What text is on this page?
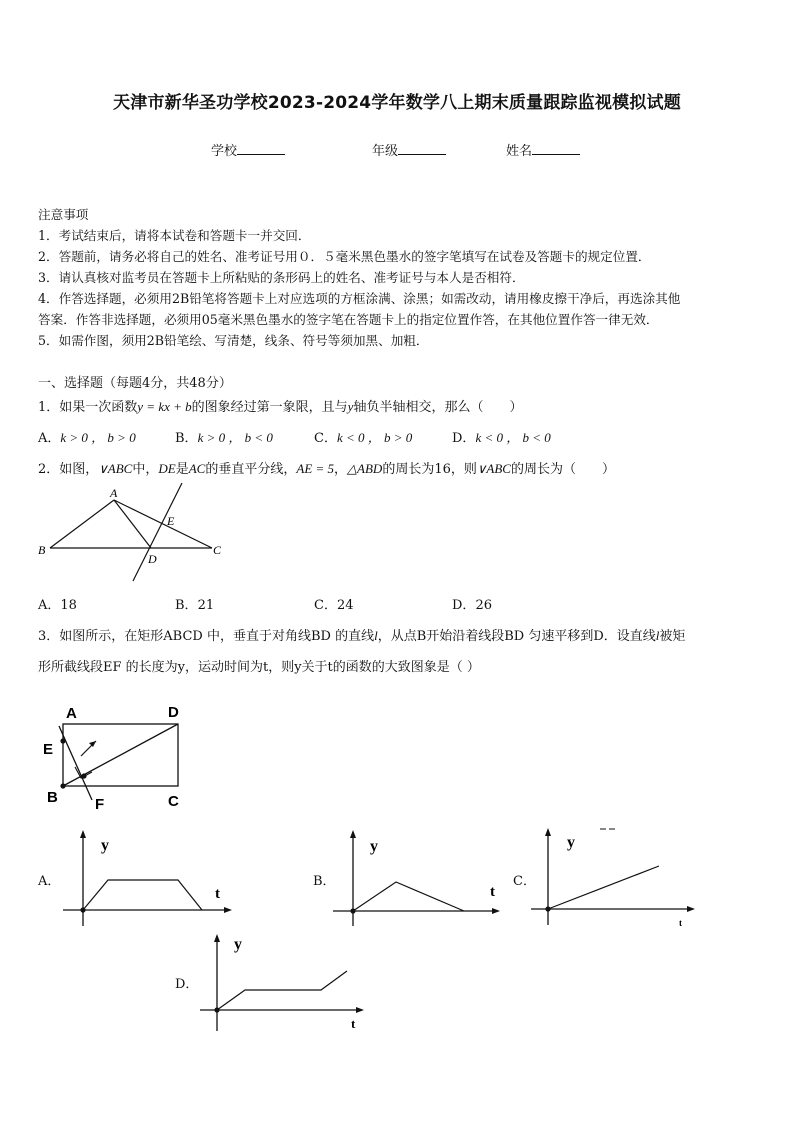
天津市新华圣功学校2023-2024学年数学八上期末质量跟踪监视模拟试题
学校	年级	姓名
注意事项
1．考试结束后，请将本试卷和答题卡一并交回．
2．答题前，请务必将自己的姓名、准考证号用０．５毫米黑色墨水的签字笔填写在试卷及答题卡的规定位置．
3．请认真核对监考员在答题卡上所粘贴的条形码上的姓名、准考证号与本人是否相符．
4．作答选择题，必须用2B铅笔将答题卡上对应选项的方框涂满、涂黑；如需改动，请用橡皮擦干净后，再选涂其他
答案．作答非选择题，必须用05毫米黑色墨水的签字笔在答题卡上的指定位置作答，在其他位置作答一律无效．
5．如需作图，须用2B铅笔绘、写清楚，线条、符号等须加黑、加粗．
一、选择题（每题4分，共48分）
1．如果一次函数y = kx + b的图象经过第一象限，且与y轴负半轴相交，那么（　　）
A．k > 0 ， b > 0	B．k > 0 ， b < 0	C．k < 0 ， b > 0	D．k < 0 ， b < 0
2．如图，∨ABC中，DE是AC的垂直平分线，AE = 5，△ABD的周长为16，则∨ABC的周长为（　　）
A
B	C
D
E
A．18	B．21	C．24	D．26
3．如图所示，在矩形ABCD 中，垂直于对角线BD 的直线l，从点B开始沿着线段BD 匀速平移到D．设直线l被矩
形所截线段EF 的长度为y，运动时间为t，则y关于t的函数的大致图象是（ ）
A	D
E
B	C
F
A．
y
t
B．
y
t
C．
y
t
D．
y
t
